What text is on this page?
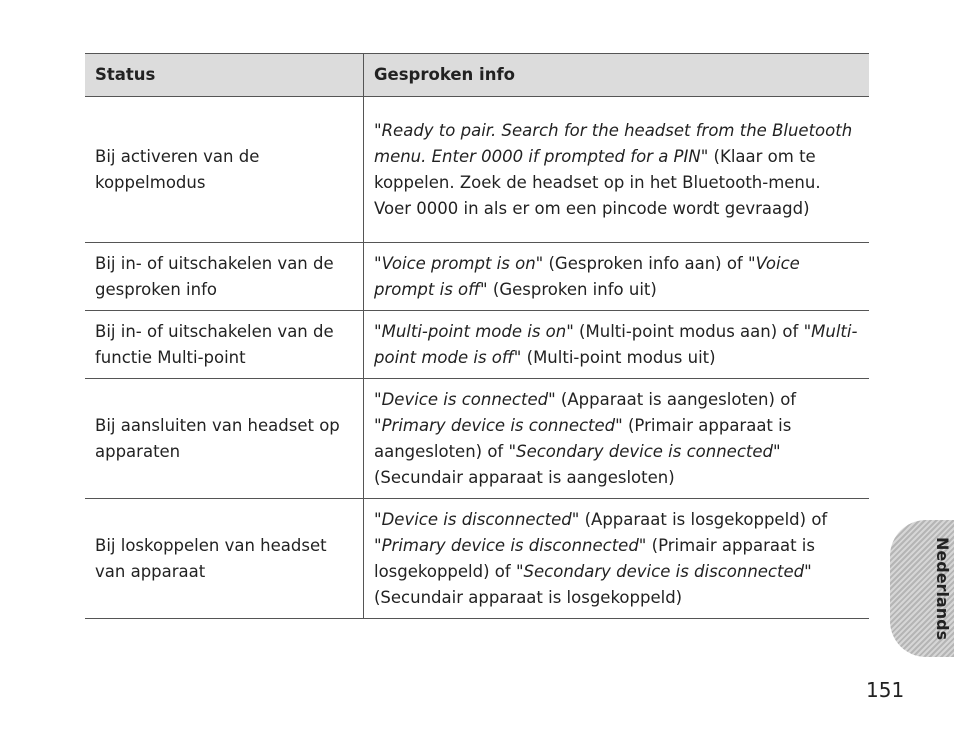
Status	Gesproken info
Bij activeren van de koppelmodus	"Ready to pair. Search for the headset from the Bluetooth menu. Enter 0000 if prompted for a PIN" (Klaar om te koppelen. Zoek de headset op in het Bluetooth-menu. Voer 0000 in als er om een pincode wordt gevraagd)
Bij in- of uitschakelen van de gesproken info	"Voice prompt is on" (Gesproken info aan) of "Voice prompt is off" (Gesproken info uit)
Bij in- of uitschakelen van de functie Multi-point	"Multi-point mode is on" (Multi-point modus aan) of "Multi-point mode is off" (Multi-point modus uit)
Bij aansluiten van headset op apparaten	"Device is connected" (Apparaat is aangesloten) of "Primary device is connected" (Primair apparaat is aangesloten) of "Secondary device is connected" (Secundair apparaat is aangesloten)
Bij loskoppelen van headset van apparaat	"Device is disconnected" (Apparaat is losgekoppeld) of "Primary device is disconnected" (Primair apparaat is losgekoppeld) of "Secondary device is disconnected" (Secundair apparaat is losgekoppeld)	Nederlands
151
